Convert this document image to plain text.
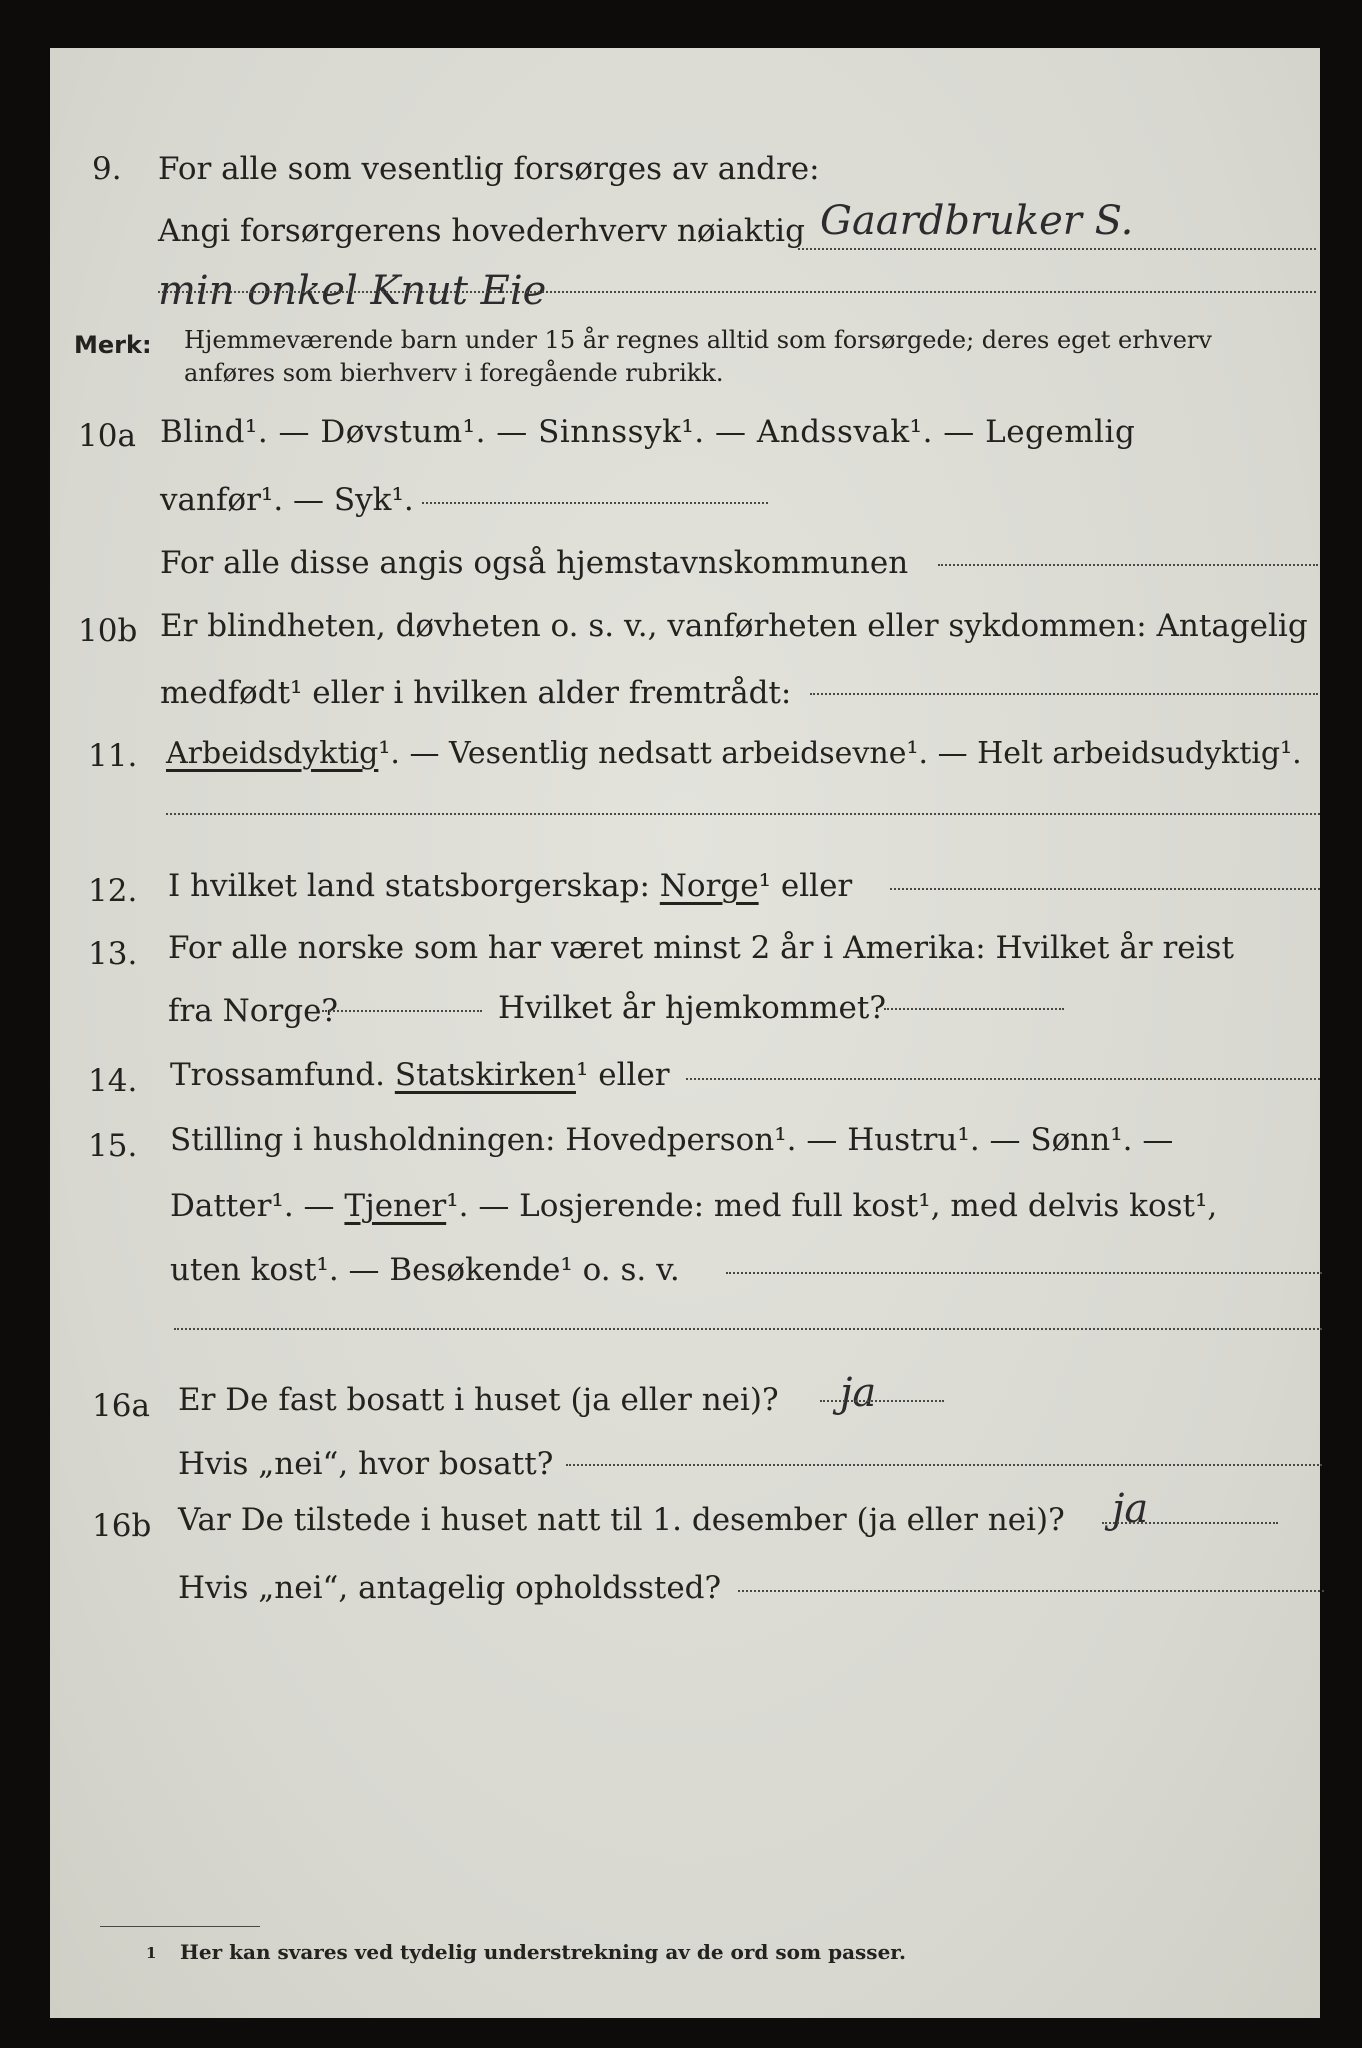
9. For alle som vesentlig forsørges av andre:
Angi forsørgerens hovederhverv nøiaktig Gaardbruker S.
min onkel Knut Eie
Merk: Hjemmeværende barn under 15 år regnes alltid som forsørgede; deres eget erhverv
anføres som bierhverv i foregående rubrikk.
10a Blind¹. — Døvstum¹. — Sinnssyk¹. — Andssvak¹. — Legemlig
vanfør¹. — Syk¹.
For alle disse angis også hjemstavnskommunen
10b Er blindheten, døvheten o. s. v., vanførheten eller sykdommen: Antagelig
medfødt¹ eller i hvilken alder fremtrådt:
11. Arbeidsdyktig¹. — Vesentlig nedsatt arbeidsevne¹. — Helt arbeidsudyktig¹.
12. I hvilket land statsborgerskap: Norge¹ eller
13. For alle norske som har været minst 2 år i Amerika: Hvilket år reist
fra Norge?	Hvilket år hjemkommet?
14. Trossamfund. Statskirken¹ eller
15. Stilling i husholdningen: Hovedperson¹. — Hustru¹. — Sønn¹. —
Datter¹. — Tjener¹. — Losjerende: med full kost¹, med delvis kost¹,
uten kost¹. — Besøkende¹ o. s. v.
16a Er De fast bosatt i huset (ja eller nei)? ja
Hvis „nei“, hvor bosatt?
16b Var De tilstede i huset natt til 1. desember (ja eller nei)? ja
Hvis „nei“, antagelig opholdssted?
1 Her kan svares ved tydelig understrekning av de ord som passer.
